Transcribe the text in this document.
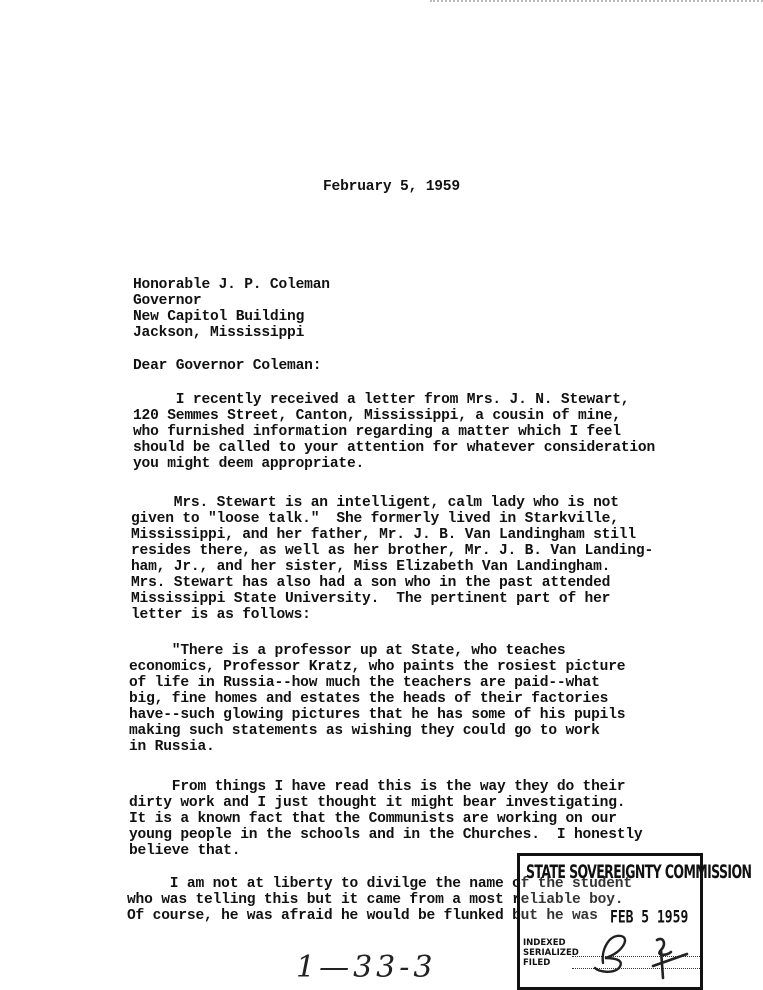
February 5, 1959
Honorable J. P. Coleman
Governor
New Capitol Building
Jackson, Mississippi
Dear Governor Coleman:
I recently received a letter from Mrs. J. N. Stewart,
120 Semmes Street, Canton, Mississippi, a cousin of mine,
who furnished information regarding a matter which I feel
should be called to your attention for whatever consideration
you might deem appropriate.
Mrs. Stewart is an intelligent, calm lady who is not
given to "loose talk."  She formerly lived in Starkville,
Mississippi, and her father, Mr. J. B. Van Landingham still
resides there, as well as her brother, Mr. J. B. Van Landing-
ham, Jr., and her sister, Miss Elizabeth Van Landingham.
Mrs. Stewart has also had a son who in the past attended
Mississippi State University.  The pertinent part of her
letter is as follows:
"There is a professor up at State, who teaches
economics, Professor Kratz, who paints the rosiest picture
of life in Russia--how much the teachers are paid--what
big, fine homes and estates the heads of their factories
have--such glowing pictures that he has some of his pupils
making such statements as wishing they could go to work
in Russia.
From things I have read this is the way they do their
dirty work and I just thought it might bear investigating.
It is a known fact that the Communists are working on our
young people in the schools and in the Churches.  I honestly
believe that.
I am not at liberty to divilge the name of the student
who was telling this but it came from a most reliable boy.
Of course, he was afraid he would be flunked but he was
1—33-3
STATE SOVEREIGNTY COMMISSION
FEB 5 1959
INDEXED
SERIALIZED
FILED
